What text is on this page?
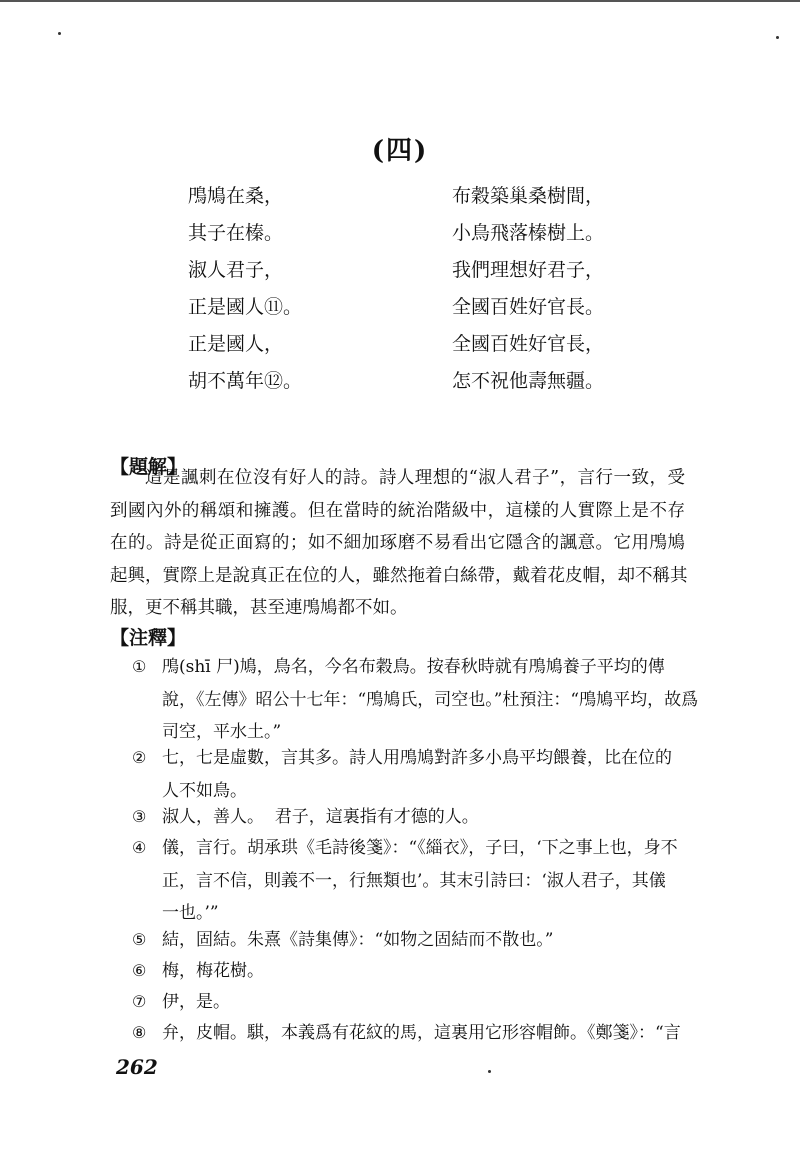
(四)
鳲鳩在桑，
其子在榛。
淑人君子，
正是國人⑪。
正是國人，
胡不萬年⑫。
布穀築巢桑樹間，
小鳥飛落榛樹上。
我們理想好君子，
全國百姓好官長。
全國百姓好官長，
怎不祝他壽無疆。
【題解】
這是諷刺在位沒有好人的詩。詩人理想的“淑人君子”，言行一致，受
到國內外的稱頌和擁護。但在當時的統治階級中，這樣的人實際上是不存
在的。詩是從正面寫的；如不細加琢磨不易看出它隱含的諷意。它用鳲鳩
起興，實際上是說真正在位的人，雖然拖着白絲帶，戴着花皮帽，却不稱其
服，更不稱其職，甚至連鳲鳩都不如。
【注釋】
① 鳲(shī 尸)鳩，鳥名，今名布穀鳥。按春秋時就有鳲鳩養子平均的傳
說，《左傳》昭公十七年：“鳲鳩氏，司空也。”杜預注：“鳲鳩平均，故爲
司空，平水土。”
② 七，七是虛數，言其多。詩人用鳲鳩對許多小鳥平均餵養，比在位的
人不如鳥。
③ 淑人，善人。  君子，這裏指有才德的人。
④ 儀，言行。胡承珙《毛詩後箋》：“《緇衣》，子曰，‘下之事上也，身不
正，言不信，則義不一，行無類也’。其末引詩曰：‘淑人君子，其儀
一也。’”
⑤ 結，固結。朱熹《詩集傳》：“如物之固結而不散也。”
⑥ 梅，梅花樹。
⑦ 伊，是。
⑧ 弁，皮帽。騏，本義爲有花紋的馬，這裏用它形容帽飾。《鄭箋》：“言
262
